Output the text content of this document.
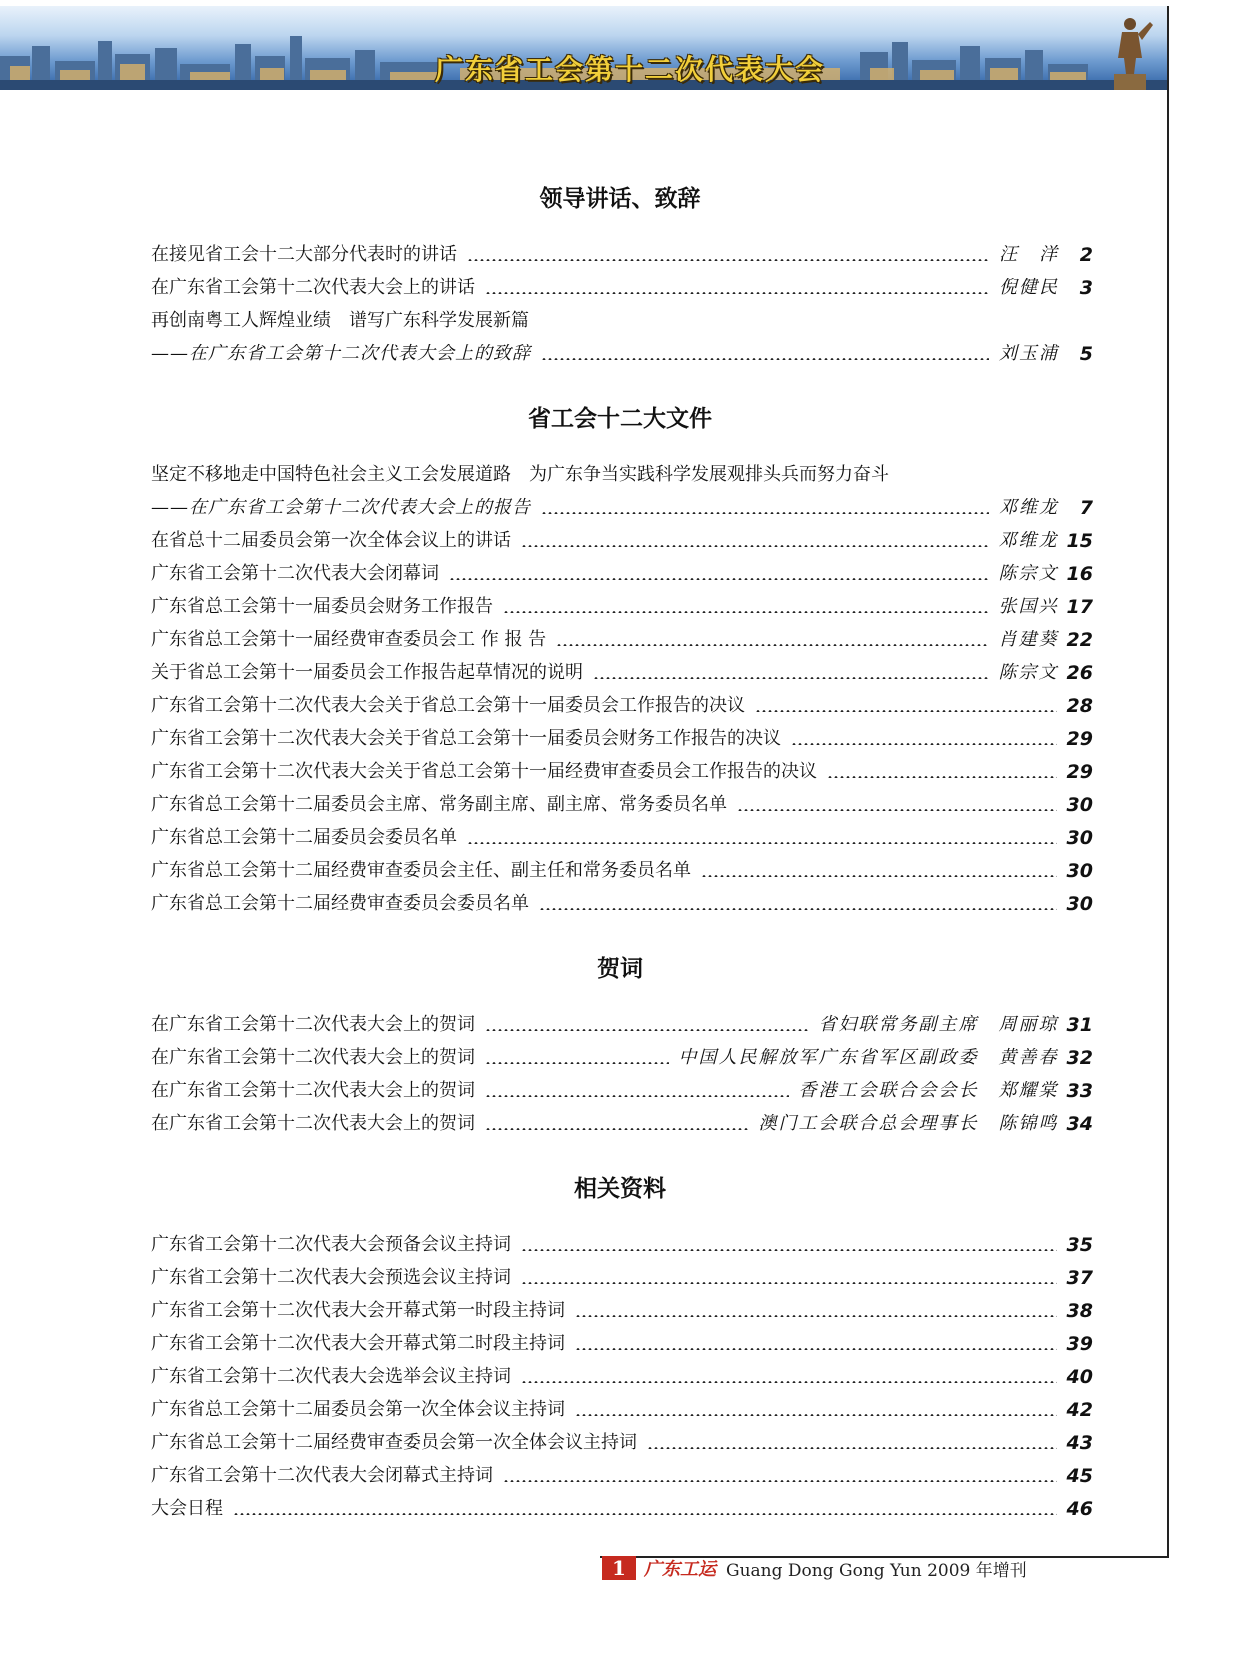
广东省工会第十二次代表大会
领导讲话、致辞
在接见省工会十二大部分代表时的讲话	汪　洋	2
在广东省工会第十二次代表大会上的讲话	倪健民	3
再创南粤工人辉煌业绩　谱写广东科学发展新篇
——在广东省工会第十二次代表大会上的致辞	刘玉浦	5
省工会十二大文件
坚定不移地走中国特色社会主义工会发展道路　为广东争当实践科学发展观排头兵而努力奋斗
——在广东省工会第十二次代表大会上的报告	邓维龙	7
在省总十二届委员会第一次全体会议上的讲话	邓维龙 15
广东省工会第十二次代表大会闭幕词	陈宗文 16
广东省总工会第十一届委员会财务工作报告	张国兴 17
广东省总工会第十一届经费审查委员会工 作 报 告	肖建葵 22
关于省总工会第十一届委员会工作报告起草情况的说明	陈宗文 26
广东省工会第十二次代表大会关于省总工会第十一届委员会工作报告的决议	28
广东省工会第十二次代表大会关于省总工会第十一届委员会财务工作报告的决议	29
广东省工会第十二次代表大会关于省总工会第十一届经费审查委员会工作报告的决议	29
广东省总工会第十二届委员会主席、常务副主席、副主席、常务委员名单	30
广东省总工会第十二届委员会委员名单	30
广东省总工会第十二届经费审查委员会主任、副主任和常务委员名单	30
广东省总工会第十二届经费审查委员会委员名单	30
贺词
在广东省工会第十二次代表大会上的贺词	省妇联常务副主席　周丽琼 31
在广东省工会第十二次代表大会上的贺词	中国人民解放军广东省军区副政委　黄善春 32
在广东省工会第十二次代表大会上的贺词	香港工会联合会会长　郑耀棠 33
在广东省工会第十二次代表大会上的贺词	澳门工会联合总会理事长　陈锦鸣 34
相关资料
广东省工会第十二次代表大会预备会议主持词	35
广东省工会第十二次代表大会预选会议主持词	37
广东省工会第十二次代表大会开幕式第一时段主持词	38
广东省工会第十二次代表大会开幕式第二时段主持词	39
广东省工会第十二次代表大会选举会议主持词	40
广东省总工会第十二届委员会第一次全体会议主持词	42
广东省总工会第十二届经费审查委员会第一次全体会议主持词	43
广东省工会第十二次代表大会闭幕式主持词	45
大会日程	46
1	广东工运 Guang Dong Gong Yun 2009 年增刊
